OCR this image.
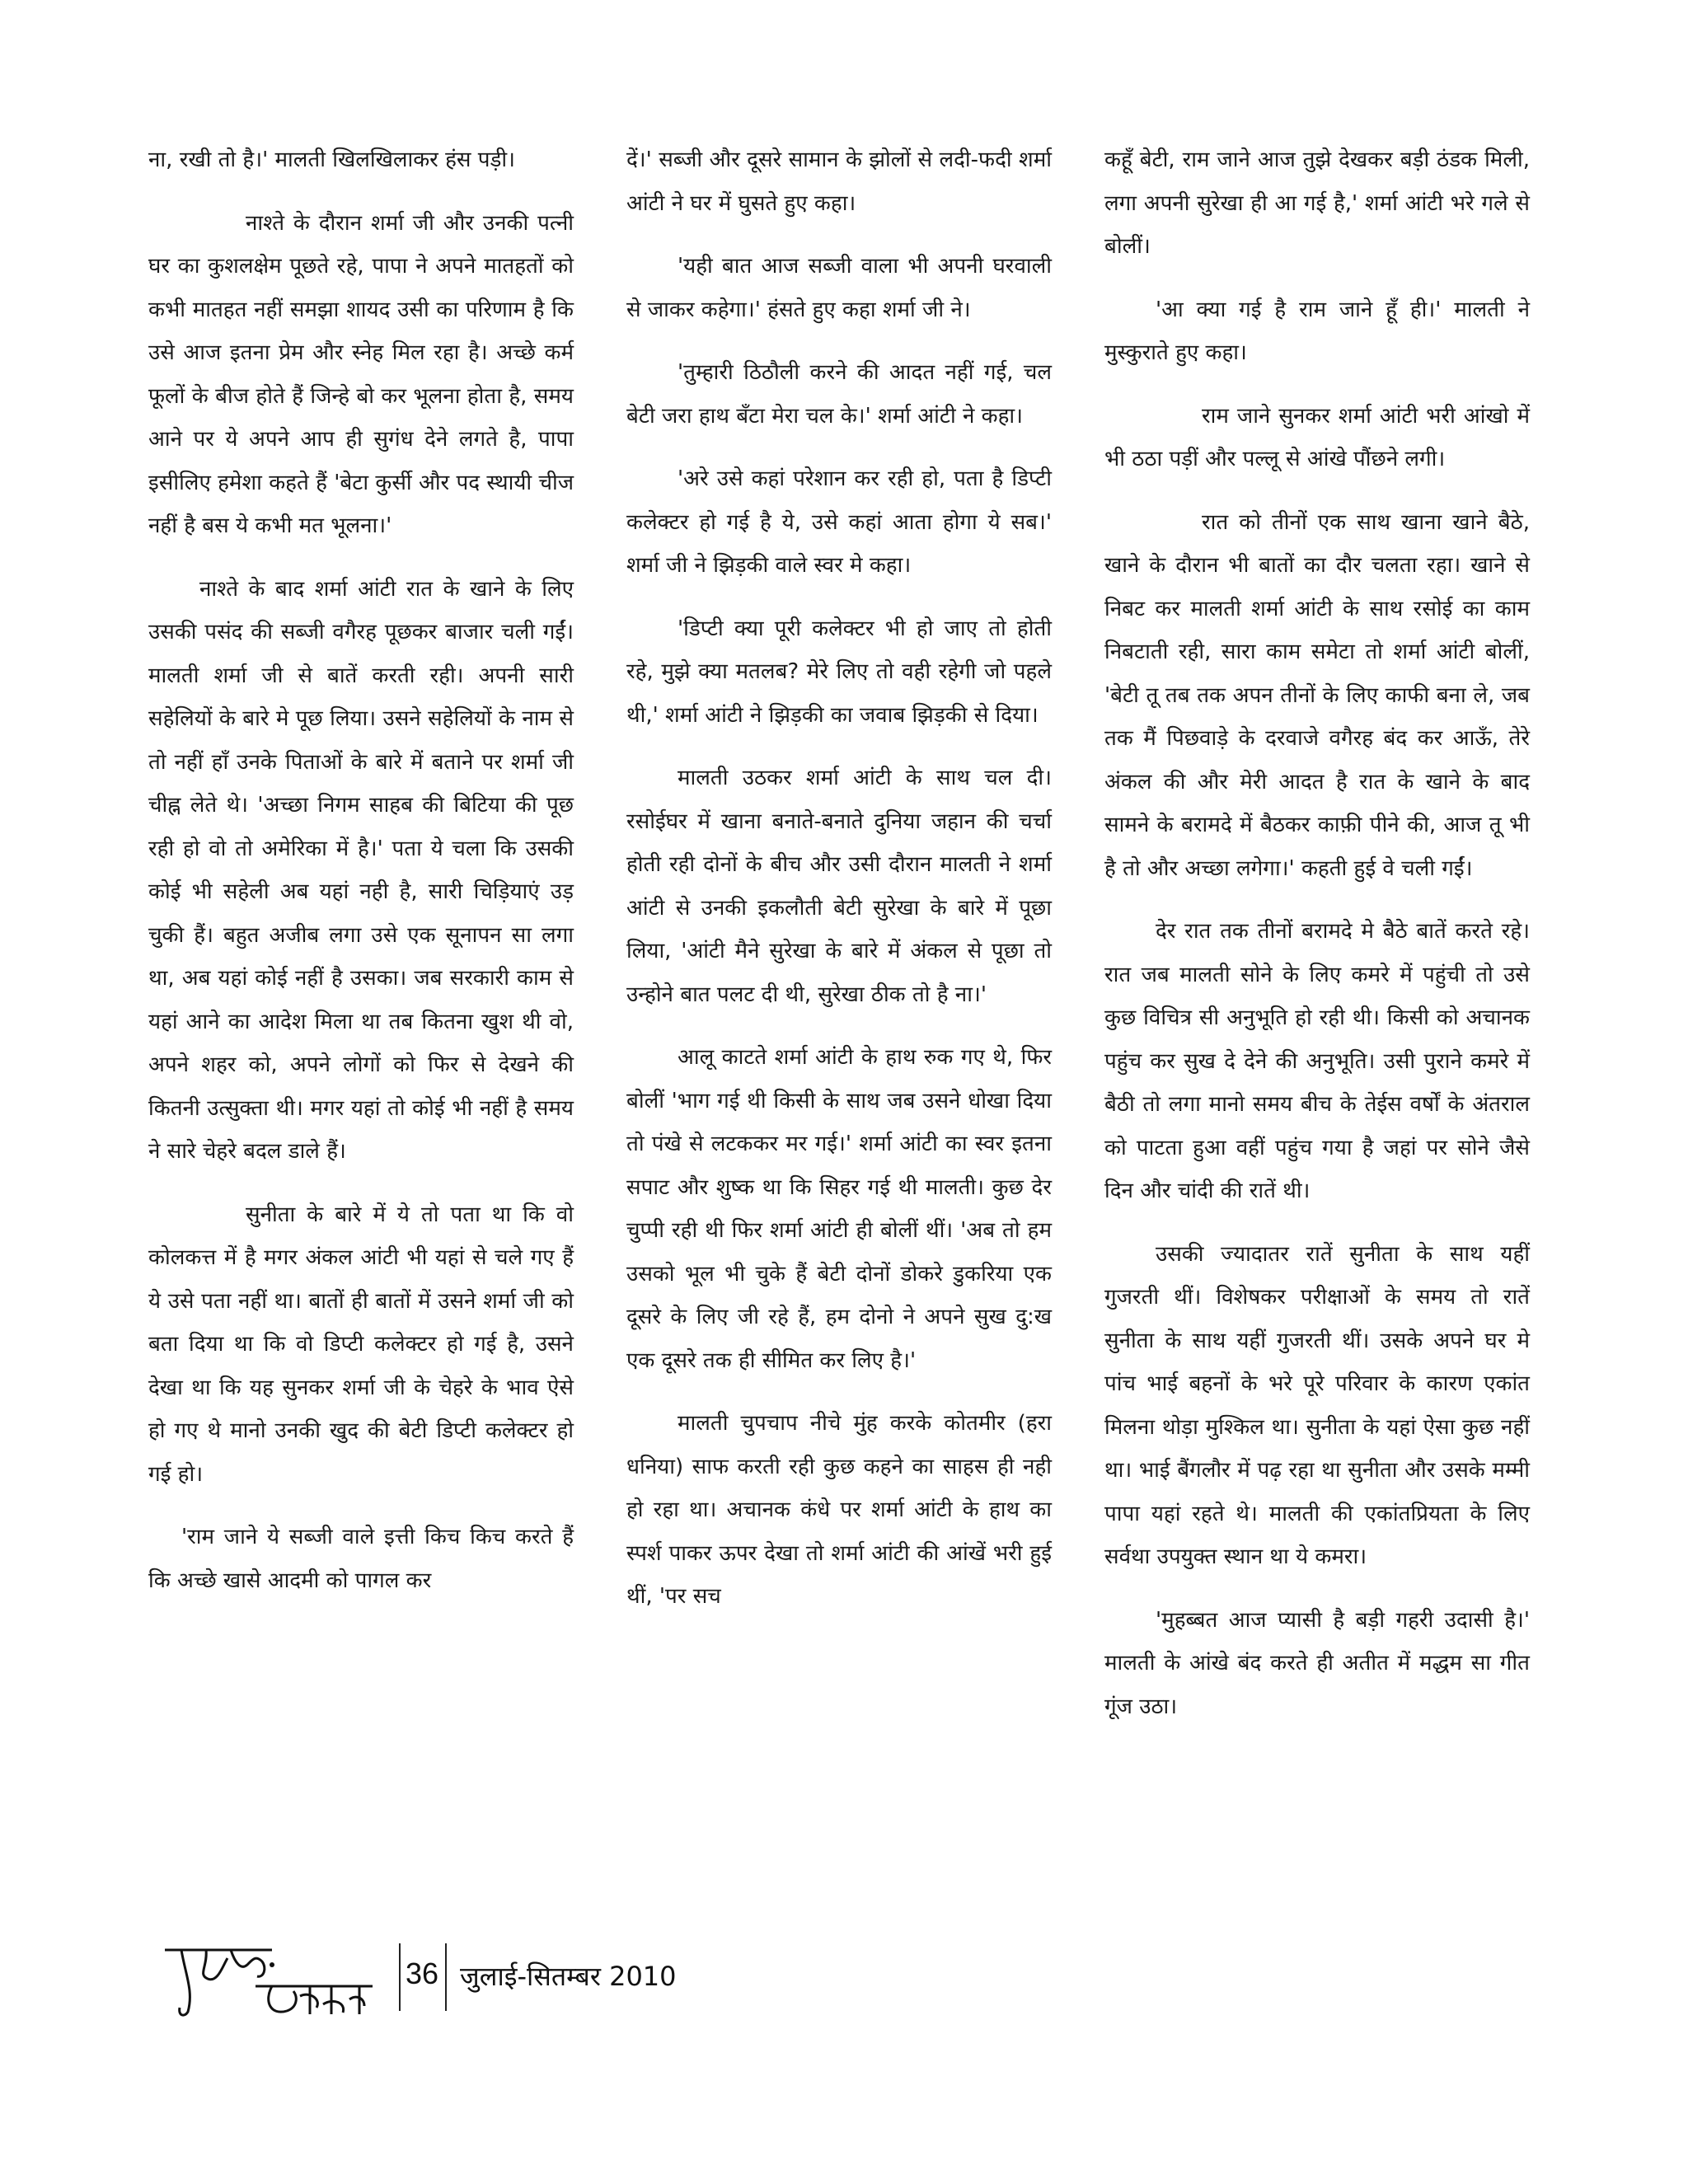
ना, रखी तो है।' मालती खिलखिलाकर हंस पड़ी।

नाश्ते के दौरान शर्मा जी और उनकी पत्नी घर का कुशलक्षेम पूछते रहे, पापा ने अपने मातहतों को कभी मातहत नहीं समझा शायद उसी का परिणाम है कि उसे आज इतना प्रेम और स्नेह मिल रहा है। अच्छे कर्म फूलों के बीज होते हैं जिन्हे बो कर भूलना होता है, समय आने पर ये अपने आप ही सुगंध देने लगते है, पापा इसीलिए हमेशा कहते हैं 'बेटा कुर्सी और पद स्थायी चीज नहीं है बस ये कभी मत भूलना।'

नाश्ते के बाद शर्मा आंटी रात के खाने के लिए उसकी पसंद की सब्जी वगैरह पूछकर बाजार चली गईं। मालती शर्मा जी से बातें करती रही। अपनी सारी सहेलियों के बारे मे पूछ लिया। उसने सहेलियों के नाम से तो नहीं हाँ उनके पिताओं के बारे में बताने पर शर्मा जी चीह्न लेते थे। 'अच्छा निगम साहब की बिटिया की पूछ रही हो वो तो अमेरिका में है।' पता ये चला कि उसकी कोई भी सहेली अब यहां नही है, सारी चिड़ियाएं उड़ चुकी हैं। बहुत अजीब लगा उसे एक सूनापन सा लगा था, अब यहां कोई नहीं है उसका। जब सरकारी काम से यहां आने का आदेश मिला था तब कितना खुश थी वो, अपने शहर को, अपने लोगों को फिर से देखने की कितनी उत्सुक्ता थी। मगर यहां तो कोई भी नहीं है समय ने सारे चेहरे बदल डाले हैं।

सुनीता के बारे में ये तो पता था कि वो कोलकत्त में है मगर अंकल आंटी भी यहां से चले गए हैं ये उसे पता नहीं था। बातों ही बातों में उसने शर्मा जी को बता दिया था कि वो डिप्टी कलेक्टर हो गई है, उसने देखा था कि यह सुनकर शर्मा जी के चेहरे के भाव ऐसे हो गए थे मानो उनकी खुद की बेटी डिप्टी कलेक्टर हो गई हो।

'राम जाने ये सब्जी वाले इत्ती किच किच करते हैं कि अच्छे खासे आदमी को पागल कर

दें।' सब्जी और दूसरे सामान के झोलों से लदी-फदी शर्मा आंटी ने घर में घुसते हुए कहा।

'यही बात आज सब्जी वाला भी अपनी घरवाली से जाकर कहेगा।' हंसते हुए कहा शर्मा जी ने।

'तुम्हारी ठिठौली करने की आदत नहीं गई, चल बेटी जरा हाथ बँटा मेरा चल के।' शर्मा आंटी ने कहा।

'अरे उसे कहां परेशान कर रही हो, पता है डिप्टी कलेक्टर हो गई है ये, उसे कहां आता होगा ये सब।' शर्मा जी ने झिड़की वाले स्वर मे कहा।

'डिप्टी क्या पूरी कलेक्टर भी हो जाए तो होती रहे, मुझे क्या मतलब? मेरे लिए तो वही रहेगी जो पहले थी,' शर्मा आंटी ने झिड़की का जवाब झिड़की से दिया।

मालती उठकर शर्मा आंटी के साथ चल दी। रसोईघर में खाना बनाते-बनाते दुनिया जहान की चर्चा होती रही दोनों के बीच और उसी दौरान मालती ने शर्मा आंटी से उनकी इकलौती बेटी सुरेखा के बारे में पूछा लिया, 'आंटी मैने सुरेखा के बारे में अंकल से पूछा तो उन्होने बात पलट दी थी, सुरेखा ठीक तो है ना।'

आलू काटते शर्मा आंटी के हाथ रुक गए थे, फिर बोलीं 'भाग गई थी किसी के साथ जब उसने धोखा दिया तो पंखे से लटककर मर गई।' शर्मा आंटी का स्वर इतना सपाट और शुष्क था कि सिहर गई थी मालती। कुछ देर चुप्पी रही थी फिर शर्मा आंटी ही बोलीं थीं। 'अब तो हम उसको भूल भी चुके हैं बेटी दोनों डोकरे डुकरिया एक दूसरे के लिए जी रहे हैं, हम दोनो ने अपने सुख दु:ख एक दूसरे तक ही सीमित कर लिए है।'

मालती चुपचाप नीचे मुंह करके कोतमीर (हरा धनिया) साफ करती रही कुछ कहने का साहस ही नही हो रहा था। अचानक कंधे पर शर्मा आंटी के हाथ का स्पर्श पाकर ऊपर देखा तो शर्मा आंटी की आंखें भरी हुई थीं, 'पर सच

कहूँ बेटी, राम जाने आज तुझे देखकर बड़ी ठंडक मिली, लगा अपनी सुरेखा ही आ गई है,' शर्मा आंटी भरे गले से बोलीं।

'आ क्या गई है राम जाने हूँ ही।' मालती ने मुस्कुराते हुए कहा।

राम जाने सुनकर शर्मा आंटी भरी आंखो में भी ठठा पड़ीं और पल्लू से आंखे पौंछने लगी।

रात को तीनों एक साथ खाना खाने बैठे, खाने के दौरान भी बातों का दौर चलता रहा। खाने से निबट कर मालती शर्मा आंटी के साथ रसोई का काम निबटाती रही, सारा काम समेटा तो शर्मा आंटी बोलीं, 'बेटी तू तब तक अपन तीनों के लिए काफी बना ले, जब तक मैं पिछवाड़े के दरवाजे वगैरह बंद कर आऊँ, तेरे अंकल की और मेरी आदत है रात के खाने के बाद सामने के बरामदे में बैठकर काफ़ी पीने की, आज तू भी है तो और अच्छा लगेगा।' कहती हुई वे चली गईं।

देर रात तक तीनों बरामदे मे बैठे बातें करते रहे। रात जब मालती सोने के लिए कमरे में पहुंची तो उसे कुछ विचित्र सी अनुभूति हो रही थी। किसी को अचानक पहुंच कर सुख दे देने की अनुभूति। उसी पुराने कमरे में बैठी तो लगा मानो समय बीच के तेईस वर्षों के अंतराल को पाटता हुआ वहीं पहुंच गया है जहां पर सोने जैसे दिन और चांदी की रातें थी।

उसकी ज्यादातर रातें सुनीता के साथ यहीं गुजरती थीं। विशेषकर परीक्षाओं के समय तो रातें सुनीता के साथ यहीं गुजरती थीं। उसके अपने घर मे पांच भाई बहनों के भरे पूरे परिवार के कारण एकांत मिलना थोड़ा मुश्किल था। सुनीता के यहां ऐसा कुछ नहीं था। भाई बैंगलौर में पढ़ रहा था सुनीता और उसके मम्मी पापा यहां रहते थे। मालती की एकांतप्रियता के लिए सर्वथा उपयुक्त स्थान था ये कमरा।

'मुहब्बत आज प्यासी है बड़ी गहरी उदासी है।' मालती के आंखे बंद करते ही अतीत में मद्धम सा गीत गूंज उठा।

36 जुलाई-सितम्बर 2010
